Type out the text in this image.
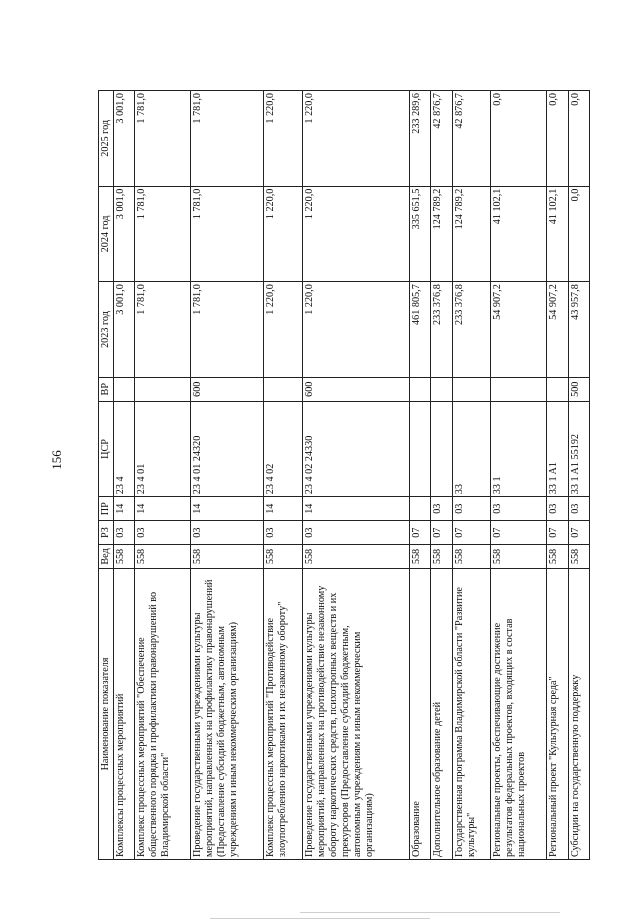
156
Наименование показателя	Вед	РЗ	ПР	ЦСР	ВР	2023 год	2024 год	2025 год
Комплексы процессных мероприятий	558	03	14	23 4		3 001,0	3 001,0	3 001,0
Комплекс процессных мероприятий "Обеспечение общественного порядка и профилактики правонарушений во Владимирской области"	558	03	14	23 4 01		1 781,0	1 781,0	1 781,0
Проведение государственными учреждениями культуры мероприятий, направленных на профилактику правонарушений (Предоставление субсидий бюджетным, автономным учреждениям и иным некоммерческим организациям)	558	03	14	23 4 01 24320	600	1 781,0	1 781,0	1 781,0
Комплекс процессных мероприятий "Противодействие злоупотреблению наркотиками и их незаконному обороту"	558	03	14	23 4 02		1 220,0	1 220,0	1 220,0
Проведение государственными учреждениями культуры мероприятий, направленных на противодействие незаконному обороту наркотических средств, психотропных веществ и их прекурсоров (Предоставление субсидий бюджетным, автономным учреждениям и иным некоммерческим организациям)	558	03	14	23 4 02 24330	600	1 220,0	1 220,0	1 220,0
Образование	558	07				461 805,7	335 651,5	233 289,6
Дополнительное образование детей	558	07	03			233 376,8	124 789,2	42 876,7
Государственная программа Владимирской области "Развитие культуры"	558	07	03	33		233 376,8	124 789,2	42 876,7
Региональные проекты, обеспечивающие достижение результатов федеральных проектов, входящих в состав национальных проектов	558	07	03	33 1		54 907,2	41 102,1	0,0
Региональный проект "Культурная среда"	558	07	03	33 1 A1		54 907,2	41 102,1	0,0
Субсидии на государственную поддержку	558	07	03	33 1 A1 55192	500	43 957,8	0,0	0,0
